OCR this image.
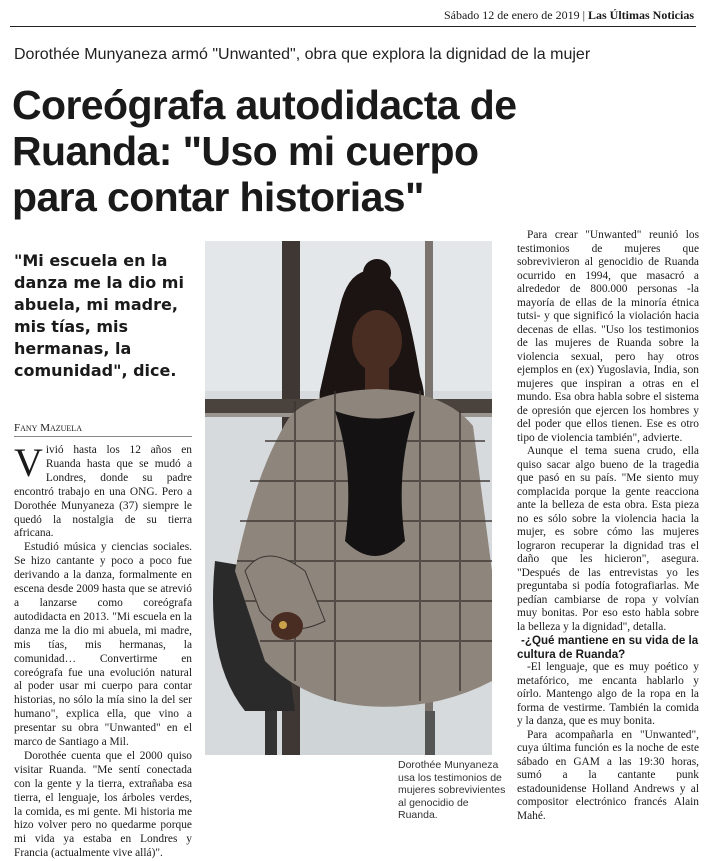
Sábado 12 de enero de 2019 | Las Últimas Noticias
Dorothée Munyaneza armó "Unwanted", obra que explora la dignidad de la mujer
Coreógrafa autodidacta de
Ruanda: "Uso mi cuerpo
para contar historias"
"Mi escuela en la danza me la dio mi abuela, mi madre, mis tías, mis hermanas, la comunidad", dice.
Fany Mazuela

Vivió hasta los 12 años en Ruanda hasta que se mudó a Londres, donde su padre encontró trabajo en una ONG. Pero a Dorothée Munyaneza (37) siempre le quedó la nostalgia de su tierra africana.

Estudió música y ciencias sociales. Se hizo cantante y poco a poco fue derivando a la danza, formalmente en escena desde 2009 hasta que se atrevió a lanzarse como coreógrafa autodidacta en 2013. "Mi escuela en la danza me la dio mi abuela, mi madre, mis tías, mis hermanas, la comunidad… Convertirme en coreógrafa fue una evolución natural al poder usar mi cuerpo para contar historias, no sólo la mía sino la del ser humano", explica ella, que vino a presentar su obra "Unwanted" en el marco de Santiago a Mil.

Dorothée cuenta que el 2000 quiso visitar Ruanda. "Me sentí conectada con la gente y la tierra, extrañaba esa tierra, el lenguaje, los árboles verdes, la comida, es mi gente. Mi historia me hizo volver pero no quedarme porque mi vida ya estaba en Londres y Francia (actualmente vive allá)".

Dorothée Munyaneza usa los testimonios de mujeres sobrevivientes al genocidio de Ruanda.

Para crear "Unwanted" reunió los testimonios de mujeres que sobrevivieron al genocidio de Ruanda ocurrido en 1994, que masacró a alrededor de 800.000 personas -la mayoría de ellas de la minoría étnica tutsi- y que significó la violación hacia decenas de ellas. "Uso los testimonios de las mujeres de Ruanda sobre la violencia sexual, pero hay otros ejemplos en (ex) Yugoslavia, India, son mujeres que inspiran a otras en el mundo. Esa obra habla sobre el sistema de opresión que ejercen los hombres y del poder que ellos tienen. Ese es otro tipo de violencia también", advierte.

Aunque el tema suena crudo, ella quiso sacar algo bueno de la tragedia que pasó en su país. "Me siento muy complacida porque la gente reacciona ante la belleza de esta obra. Esta pieza no es sólo sobre la violencia hacia la mujer, es sobre cómo las mujeres lograron recuperar la dignidad tras el daño que les hicieron", asegura. "Después de las entrevistas yo les preguntaba si podía fotografiarlas. Me pedían cambiarse de ropa y volvían muy bonitas. Por eso esto habla sobre la belleza y la dignidad", detalla.

-¿Qué mantiene en su vida de la cultura de Ruanda?

-El lenguaje, que es muy poético y metafórico, me encanta hablarlo y oírlo. Mantengo algo de la ropa en la forma de vestirme. También la comida y la danza, que es muy bonita.

Para acompañarla en "Unwanted", cuya última función es la noche de este sábado en GAM a las 19:30 horas, sumó a la cantante punk estadounidense Holland Andrews y al compositor electrónico francés Alain Mahé.
